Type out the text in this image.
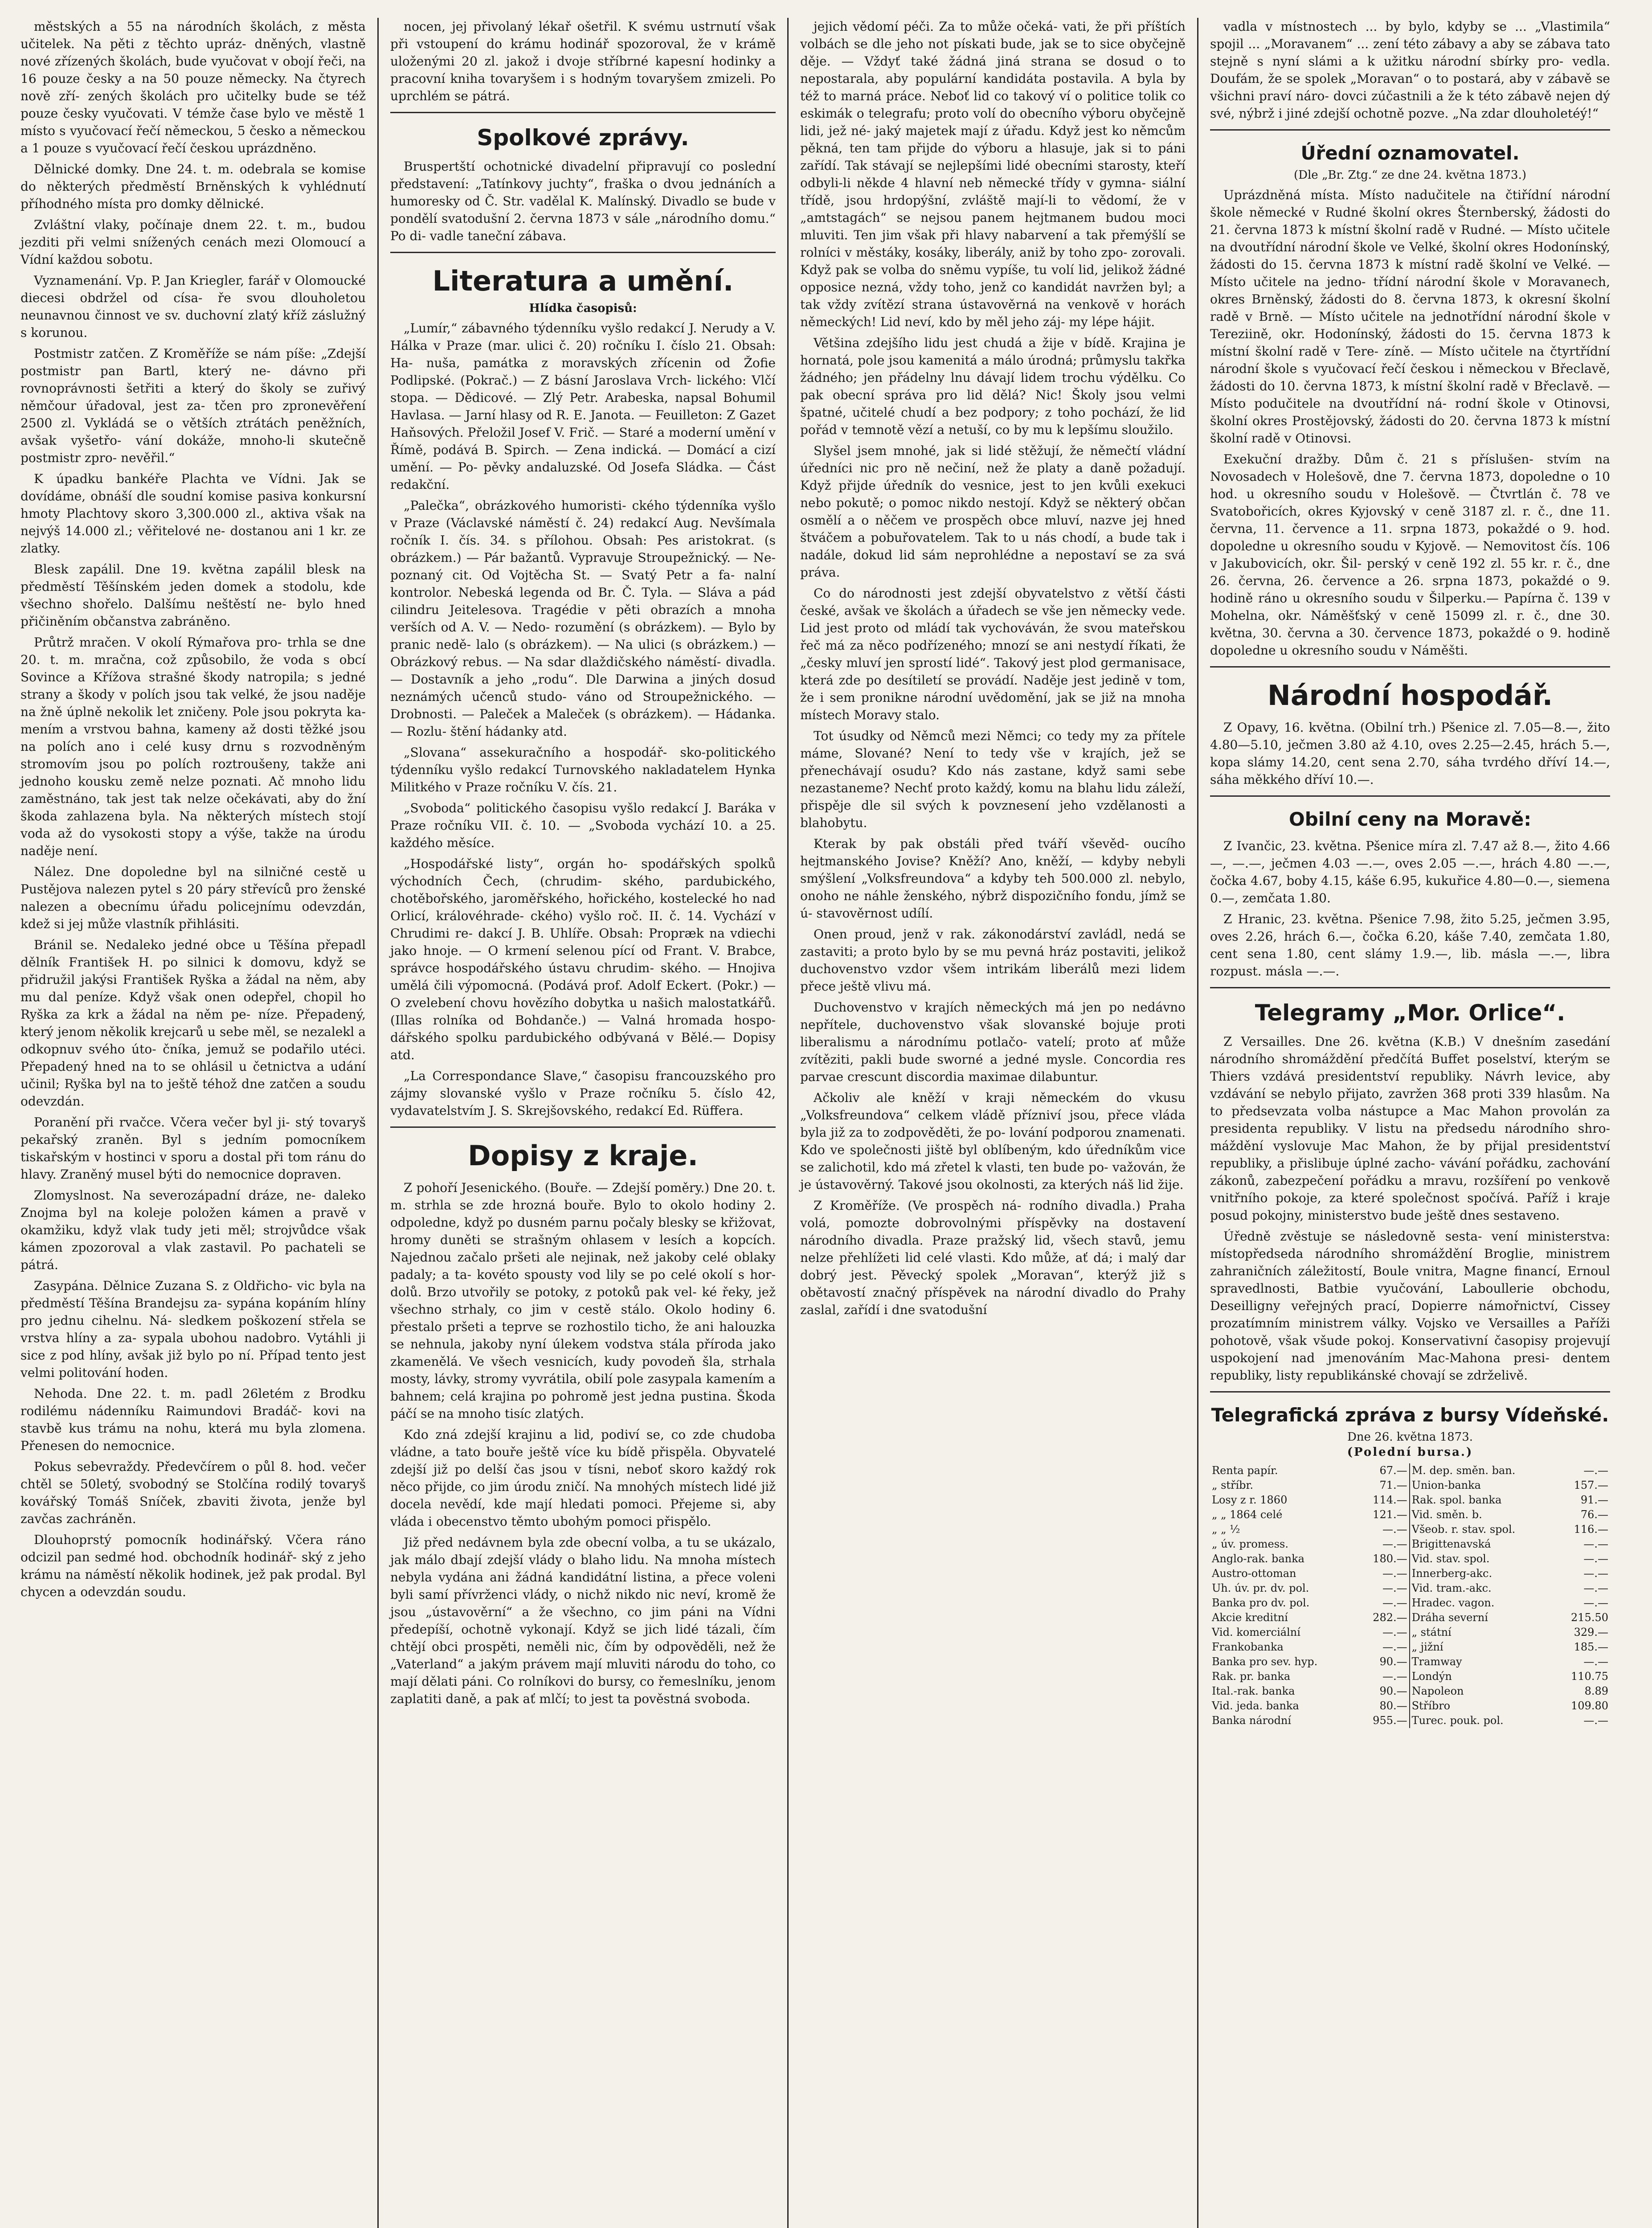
městských a 55 na národních školách, z města učitelek. Na pěti z těchto upráz- dněných, vlastně nové zřízených školách, bude vyučovat v obojí řeči, na 16 pouze česky a na 50 pouze německy. Na čtyrech nově zří- zených školách pro učitelky bude se též pouze česky vyučovati. V témže čase bylo ve městě 1 místo s vyučovací řečí německou, 5 česko a německou a 1 pouze s vyučovací řečí českou uprázdněno.

Dělnické domky. Dne 24. t. m. odebrala se komise do některých předměstí Brněnských k vyhlédnutí příhodného místa pro domky dělnické.

Zvláštní vlaky, počínaje dnem 22. t. m., budou jezditi při velmi snížených cenách mezi Olomoucí a Vídní každou sobotu.

Vyznamenání. Vp. P. Jan Kriegler, farář v Olomoucké diecesi obdržel od císa- ře svou dlouholetou neunavnou činnost ve sv. duchovní zlatý kříž záslužný s korunou.

Postmistr zatčen. Z Kroměříže se nám píše: „Zdejší postmistr pan Bartl, který ne- dávno při rovnoprávnosti šetřiti a který do školy se zuřivý němčour úřadoval, jest za- tčen pro zpronevěření 2500 zl. Vykládá se o větších ztrátách peněžních, avšak vyšetřo- vání dokáže, mnoho-li skutečně postmistr zpro- nevěřil.“

K úpadku bankéře Plachta ve Vídni. Jak se dovídáme, obnáší dle soudní komise pasiva konkursní hmoty Plachtovy skoro 3,300.000 zl., aktiva však na nejvýš 14.000 zl.; věřitelové ne- dostanou ani 1 kr. ze zlatky.

Blesk zapálil. Dne 19. května zapálil blesk na předměstí Těšínském jeden domek a stodolu, kde všechno shořelo. Dalšímu neštěstí ne- bylo hned přičiněním občanstva zabráněno.

Průtrž mračen. V okolí Rýmařova pro- trhla se dne 20. t. m. mračna, což způsobilo, že voda s obcí Sovince a Křížova strašné škody natropila; s jedné strany a škody v polích jsou tak velké, že jsou naděje na žně úplně nekolik let zničeny. Pole jsou pokryta ka- mením a vrstvou bahna, kameny až dosti těžké jsou na polích ano i celé kusy drnu s rozvodněným stromovím jsou po polích roztroušeny, takže ani jednoho kousku země nelze poznati. Ač mnoho lidu zaměstnáno, tak jest tak nelze očekávati, aby do žní škoda zahlazena byla. Na některých místech stojí voda až do vysokosti stopy a výše, takže na úrodu naděje není.

Nález. Dne dopoledne byl na silničné cestě u Pustějova nalezen pytel s 20 páry střevíců pro ženské nalezen a obecnímu úřadu policejnímu odevzdán, kdež si jej může vlastník přihlásiti.

Bránil se. Nedaleko jedné obce u Těšína přepadl dělník František H. po silnici k domovu, když se přidružil jakýsi František Ryška a žádal na něm, aby mu dal peníze. Když však onen odepřel, chopil ho Ryška za krk a žádal na něm pe- níze. Přepadený, který jenom několik krejcarů u sebe měl, se nezalekl a odkopnuv svého úto- čníka, jemuž se podařilo utéci. Přepadený hned na to se ohlásil u četnictva a udání učinil; Ryška byl na to ještě téhož dne zatčen a soudu odevzdán.

Poranění při rvačce. Včera večer byl ji- stý tovaryš pekařský zraněn. Byl s jedním pomocníkem tiskařským v hostinci v sporu a dostal při tom ránu do hlavy. Zraněný musel býti do nemocnice dopraven.

Zlomyslnost. Na severozápadní dráze, ne- daleko Znojma byl na koleje položen kámen a pravě v okamžiku, když vlak tudy jeti měl; strojvůdce však kámen zpozoroval a vlak zastavil. Po pachateli se pátrá.

Zasypána. Dělnice Zuzana S. z Oldřicho- vic byla na předměstí Těšína Brandejsu za- sypána kopáním hlíny pro jednu cihelnu. Ná- sledkem poškození střela se vrstva hlíny a za- sypala ubohou nadobro. Vytáhli ji sice z pod hlíny, avšak již bylo po ní. Případ tento jest velmi politování hoden.

Nehoda. Dne 22. t. m. padl 26letém z Brodku rodilému nádenníku Raimundovi Bradáč- kovi na stavbě kus trámu na nohu, která mu byla zlomena. Přenesen do nemocnice.

Pokus sebevraždy. Předevčírem o půl 8. hod. večer chtěl se 50letý, svobodný se Stolčína rodilý tovaryš kovářský Tomáš Sníček, zbaviti života, jenže byl zavčas zachráněn.

Dlouhoprstý pomocník hodinářský. Včera ráno odcizil pan sedmé hod. obchodník hodinář- ský z jeho krámu na náměstí několik hodinek, jež pak prodal. Byl chycen a odevzdán soudu.

nocen, jej přivolaný lékař ošetřil. K svému ustrnutí však při vstoupení do krámu hodinář spozoroval, že v krámě uloženými 20 zl. jakož i dvoje stříbrné kapesní hodinky a pracovní kniha tovaryšem i s hodným tovaryšem zmizeli. Po uprchlém se pátrá.

Spolkové zprávy.

Bruspertští ochotnické divadelní připravují co poslední představení: „Tatínkovy juchty“, fraška o dvou jednáních a humoresky od Č. Str. vadělal K. Malínský. Divadlo se bude v pondělí svatodušní 2. června 1873 v sále „národního domu.“ Po di- vadle taneční zábava.

Literatura a umění.
Hlídka časopisů:

„Lumír,“ zábavného týdenníku vyšlo redakcí J. Nerudy a V. Hálka v Praze (mar. ulici č. 20) ročníku I. číslo 21. Obsah: Ha- nuša, památka z moravských zřícenin od Žofie Podlipské. (Pokrač.) — Z básní Jaroslava Vrch- lického: Vlčí stopa. — Dědicové. — Zlý Petr. Arabeska, napsal Bohumil Havlasa. — Jarní hlasy od R. E. Janota. — Feuilleton: Z Gazet Haňsových. Přeložil Josef V. Frič. — Staré a moderní umění v Římě, podává B. Spirch. — Zena indická. — Domácí a cizí umění. — Po- pěvky andaluzské. Od Josefa Sládka. — Část redakční.

„Palečka“, obrázkového humoristi- ckého týdenníka vyšlo v Praze (Václavské náměstí č. 24) redakcí Aug. Nevšímala ročník I. čís. 34. s přílohou. Obsah: Pes aristokrat. (s obrázkem.) — Pár bažantů. Vypravuje Stroupežnický. — Ne- poznaný cit. Od Vojtěcha St. — Svatý Petr a fa- nalní kontrolor. Nebeská legenda od Br. Č. Tyla. — Sláva a pád cilindru Jeitelesova. Tragédie v pěti obrazích a mnoha verších od A. V. — Nedo- rozumění (s obrázkem). — Bylo by pranic nedě- lalo (s obrázkem). — Na ulici (s obrázkem.) — Obrázkový rebus. — Na sdar dlaždičského náměstí- divadla. — Dostavník a jeho „rodu“. Dle Darwina a jiných dosud neznámých učenců studo- váno od Stroupežnického. — Drobnosti. — Paleček a Maleček (s obrázkem). — Hádanka. — Rozlu- štění hádanky atd.

„Slovana“ assekuračního a hospodář- sko-politického týdenníku vyšlo redakcí Turnovského nakladatelem Hynka Militkého v Praze ročníku V. čís. 21.

„Svoboda“ politického časopisu vyšlo redakcí J. Baráka v Praze ročníku VII. č. 10. — „Svoboda vychází 10. a 25. každého měsíce.

„Hospodářské listy“, orgán ho- spodářských spolků východních Čech, (chrudim- ského, pardubického, chotěbořského, jaroměřského, hořického, kostelecké ho nad Orlicí, královéhrade- ckého) vyšlo roč. II. č. 14. Vychází v Chrudimi re- dakcí J. B. Uhlíře. Obsah: Propræk na vdiechi jako hnoje. — O krmení selenou pící od Frant. V. Brabce, správce hospodářského ústavu chrudim- ského. — Hnojiva umělá čili výpomocná. (Podává prof. Adolf Eckert. (Pokr.) — O zvelebení chovu hovězího dobytka u našich malostatkářů. (Illas rolníka od Bohdanče.) — Valná hromada hospo- dářského spolku pardubického odbývaná v Bělé.— Dopisy atd.

„La Correspondance Slave,“ časopisu francouzského pro zájmy slovanské vyšlo v Praze ročníku 5. číslo 42, vydavatelstvím J. S. Skrejšovského, redakcí Ed. Rüffera.

Dopisy z kraje.

Z pohoří Jesenického. (Bouře. — Zdejší poměry.) Dne 20. t. m. strhla se zde hrozná bouře. Bylo to okolo hodiny 2. odpoledne, když po dusném parnu počaly blesky se křižovat, hromy duněti se strašným ohlasem v lesích a kopcích. Najednou začalo pršeti ale nejinak, než jakoby celé oblaky padaly; a ta- kovéto spousty vod lily se po celé okolí s hor- dolů. Brzo utvořily se potoky, z potoků pak vel- ké řeky, jež všechno strhaly, co jim v cestě stálo. Okolo hodiny 6. přestalo pršeti a teprve se rozhostilo ticho, že ani halouzka se nehnula, jakoby nyní úlekem vodstva stála příroda jako zkamenělá. Ve všech vesnicích, kudy povodeň šla, strhala mosty, lávky, stromy vyvrátila, obilí pole zasypala kamením a bahnem; celá krajina po pohromě jest jedna pustina. Škoda páčí se na mnoho tisíc zlatých.

Kdo zná zdejší krajinu a lid, podiví se, co zde chudoba vládne, a tato bouře ještě více ku bídě přispěla. Obyvatelé zdejší již po delší čas jsou v tísni, neboť skoro každý rok něco přijde, co jim úrodu zničí. Na mnohých místech lidé již docela nevědí, kde mají hledati pomoci. Přejeme si, aby vláda i obecenstvo těmto ubohým pomoci přispělo.

Již před nedávnem byla zde obecní volba, a tu se ukázalo, jak málo dbají zdejší vlády o blaho lidu. Na mnoha místech nebyla vydána ani žádná kandidátní listina, a přece voleni byli samí přívrženci vlády, o nichž nikdo nic neví, kromě že jsou „ústavověrní“ a že všechno, co jim páni na Vídni předepíší, ochotně vykonají. Když se jich lidé tázali, čím chtějí obci prospěti, neměli nic, čím by odpověděli, než že „Vaterland“ a jakým právem mají mluviti národu do toho, co mají dělati páni. Co rolníkovi do bursy, co řemeslníku, jenom zaplatiti daně, a pak ať mlčí; to jest ta pověstná svoboda.

jejich vědomí péči. Za to může očeká- vati, že při příštích volbách se dle jeho not pískati bude, jak se to sice obyčejně děje. — Vždyť také žádná jiná strana se dosud o to nepostarala, aby populární kandidáta postavila. A byla by též to marná práce. Neboť lid co takový ví o politice tolik co eskimák o telegrafu; proto volí do obecního výboru obyčejně lidi, jež né- jaký majetek mají z úřadu. Když jest ko němcům pěkná, ten tam přijde do výboru a hlasuje, jak si to páni zařídí. Tak stávají se nejlepšími lidé obecními starosty, kteří odbyli-li někde 4 hlavní neb německé třídy v gymna- siální třídě, jsou hrdopýšní, zvláště mají-li to vědomí, že v „amtstagách“ se nejsou panem hejtmanem budou moci mluviti. Ten jim však při hlavy nabarvení a tak přemýšlí se rolníci v městáky, kosáky, liberály, aniž by toho zpo- zorovali. Když pak se volba do sněmu vypíše, tu volí lid, jelikož žádné opposice nezná, vždy toho, jenž co kandidát navržen byl; a tak vždy zvítězí strana ústavověrná na venkově v horách německých! Lid neví, kdo by měl jeho záj- my lépe hájit.

Většina zdejšího lidu jest chudá a žije v bídě. Krajina je hornatá, pole jsou kamenitá a málo úrodná; průmyslu takřka žádného; jen přádelny lnu dávají lidem trochu výdělku. Co pak obecní správa pro lid dělá? Nic! Školy jsou velmi špatné, učitelé chudí a bez podpory; z toho pochází, že lid pořád v temnotě vězí a netuší, co by mu k lepšímu sloužilo.

Slyšel jsem mnohé, jak si lidé stěžují, že němečtí vládní úředníci nic pro ně nečiní, než že platy a daně požadují. Když přijde úředník do vesnice, jest to jen kvůli exekuci nebo pokutě; o pomoc nikdo nestojí. Když se některý občan osmělí a o něčem ve prospěch obce mluví, nazve jej hned štváčem a pobuřovatelem. Tak to u nás chodí, a bude tak i nadále, dokud lid sám neprohlédne a nepostaví se za svá práva.

Co do národnosti jest zdejší obyvatelstvo z větší části české, avšak ve školách a úřadech se vše jen německy vede. Lid jest proto od mládí tak vychováván, že svou mateřskou řeč má za něco podřízeného; mnozí se ani nestydí říkati, že „česky mluví jen sprostí lidé“. Takový jest plod germanisace, která zde po desítiletí se provádí. Naděje jest jedině v tom, že i sem pronikne národní uvědomění, jak se již na mnoha místech Moravy stalo.

Tot úsudky od Němců mezi Němci; co tedy my za přítele máme, Slované? Není to tedy vše v krajích, jež se přenechávají osudu? Kdo nás zastane, když sami sebe nezastaneme? Nechť proto každý, komu na blahu lidu záleží, přispěje dle sil svých k povznesení jeho vzdělanosti a blahobytu.

Kterak by pak obstáli před tváří vševěd- oucího hejtmanského Jovise? Kněží? Ano, kněží, — kdyby nebyli smýšlení „Volksfreundova“ a kdyby teh 500.000 zl. nebylo, onoho ne náhle ženského, nýbrž dispozičního fondu, jímž se ú- stavověrnost udílí.

Onen proud, jenž v rak. zákonodárství zavládl, nedá se zastaviti; a proto bylo by se mu pevná hráz postaviti, jelikož duchovenstvo vzdor všem intrikám liberálů mezi lidem přece ještě vlivu má.

Duchovenstvo v krajích německých má jen po nedávno nepřítele, duchovenstvo však slovanské bojuje proti liberalismu a národnímu potlačo- vatelí; proto ať může zvítěziti, pakli bude sworné a jedné mysle. Concordia res parvae crescunt discordia maximae dilabuntur.

Ačkoliv ale kněží v kraji německém do vkusu „Volksfreundova“ celkem vládě přízniví jsou, přece vláda byla již za to zodpověděti, že po- lování podporou znamenati. Kdo ve společnosti jiště byl oblíbeným, kdo úředníkům vice se zalichotil, kdo má zřetel k vlasti, ten bude po- važován, že je ústavověrný. Takové jsou okolnosti, za kterých náš lid žije.

Z Kroměříže. (Ve prospěch ná- rodního divadla.) Praha volá, pomozte dobrovolnými příspěvky na dostavení národního divadla. Praze pražský lid, všech stavů, jemu nelze přehlížeti lid celé vlasti. Kdo může, ať dá; i malý dar dobrý jest. Pěvecký spolek „Moravan“, kterýž již s obětavostí značný příspěvek na národní divadlo do Prahy zaslal, zařídí i dne svatodušní

vadla v místnostech ... by bylo, kdyby se ... „Vlastimila“ spojil ... „Moravanem“ ... zení této zábavy a aby se zábava tato stejně s nyní slámi a k užitku národní sbírky pro- vedla. Doufám, že se spolek „Moravan“ o to postará, aby v zábavě se všichni praví náro- dovci zúčastnili a že k této zábavě nejen dý své, nýbrž i jiné zdejší ochotně pozve. „Na zdar dlouholetéý!“

Úřední oznamovatel.
(Dle „Br. Ztg.“ ze dne 24. května 1873.)

Uprázdněná místa. Místo nadučitele na čtiřídní národní škole německé v Rudné školní okres Šternberský, žádosti do 21. června 1873 k místní školní radě v Rudné. — Místo učitele na dvoutřídní národní škole ve Velké, školní okres Hodonínský, žádosti do 15. června 1873 k místní radě školní ve Velké. — Místo učitele na jedno- třídní národní škole v Moravanech, okres Brněnský, žádosti do 8. června 1873, k okresní školní radě v Brně. — Místo učitele na jednotřídní národní škole v Tereziině, okr. Hodonínský, žádosti do 15. června 1873 k místní školní radě v Tere- zíně. — Místo učitele na čtyrtřídní národní škole s vyučovací řečí českou i německou v Břeclavě, žádosti do 10. června 1873, k místní školní radě v Břeclavě. — Místo podučitele na dvoutřídní ná- rodní škole v Otinovsi, školní okres Prostějovský, žádosti do 20. června 1873 k místní školní radě v Otinovsi.

Exekuční dražby. Dům č. 21 s příslušen- stvím na Novosadech v Holešově, dne 7. června 1873, dopoledne o 10 hod. u okresního soudu v Holešově. — Čtvrtlán č. 78 ve Svatobořicích, okres Kyjovský v ceně 3187 zl. r. č., dne 11. června, 11. července a 11. srpna 1873, pokaždé o 9. hod. dopoledne u okresního soudu v Kyjově. — Nemovitost čís. 106 v Jakubovicích, okr. Šil- perský v ceně 192 zl. 55 kr. r. č., dne 26. června, 26. července a 26. srpna 1873, pokaždé o 9. hodině ráno u okresního soudu v Šilperku.— Papírna č. 139 v Mohelna, okr. Náměšťský v ceně 15099 zl. r. č., dne 30. května, 30. června a 30. července 1873, pokaždé o 9. hodině dopoledne u okresního soudu v Náměšti.

Národní hospodář.

Z Opavy, 16. května. (Obilní trh.) Pšenice zl. 7.05—8.—, žito 4.80—5.10, ječmen 3.80 až 4.10, oves 2.25—2.45, hrách 5.—, kopa slámy 14.20, cent sena 2.70, sáha tvrdého dříví 14.—, sáha měkkého dříví 10.—.

Obilní ceny na Moravě:

Z Ivančic, 23. května. Pšenice míra zl. 7.47 až 8.—, žito 4.66—, —.—, ječmen 4.03 —.—, oves 2.05 —.—, hrách 4.80 —.—, čočka 4.67, boby 4.15, káše 6.95, kukuřice 4.80—0.—, siemena 0.—, zemčata 1.80.

Z Hranic, 23. května. Pšenice 7.98, žito 5.25, ječmen 3.95, oves 2.26, hrách 6.—, čočka 6.20, káše 7.40, zemčata 1.80, cent sena 1.80, cent slámy 1.9.—, lib. másla —.—, libra rozpust. másla —.—.

Telegramy „Mor. Orlice“.

Z Versailles. Dne 26. května (K.B.) V dnešním zasedání národního shromáždění předčítá Buffet poselství, kterým se Thiers vzdává presidentství republiky. Návrh levice, aby vzdávání se nebylo přijato, zavržen 368 proti 339 hlasům. Na to předsevzata volba nástupce a Mac Mahon provolán za presidenta republiky. V listu na předsedu národního shro- máždění vyslovuje Mac Mahon, že by přijal presidentství republiky, a přislibuje úplné zacho- vávání pořádku, zachování zákonů, zabezpečení pořádku a mravu, rozšíření po venkově vnitřního pokoje, za které společnost spočívá. Paříž i kraje posud pokojny, ministerstvo bude ještě dnes sestaveno.

Úředně zvěstuje se následovně sesta- vení ministerstva: místopředseda národního shromáždění Broglie, ministrem zahraničních záležitostí, Boule vnitra, Magne financí, Ernoul spravedlnosti, Batbie vyučování, Laboullerie obchodu, Deseilligny veřejných prací, Dopierre námořnictví, Cissey prozatímním ministrem války. Vojsko ve Versailles a Paříži pohotově, však všude pokoj. Konservativní časopisy projevují uspokojení nad jmenováním Mac-Mahona presi- dentem republiky, listy republikánské chovají se zdrželivě.

Telegrafická zpráva z bursy Vídeňské.
Dne 26. května 1873.
(Polední bursa.)
Renta papír.	67.—	M. dep. směn. ban.	—.—
„ stříbr.	71.—	Union-banka	157.—
Losy z r. 1860	114.—	Rak. spol. banka	91.—
„ „ 1864 celé	121.—	Vid. směn. b.	76.—
„ „ ½	—.—	Všeob. r. stav. spol.	116.—
„ úv. promess.	—.—	Brigittenavská	—.—
Anglo-rak. banka	180.—	Vid. stav. spol.	—.—
Austro-ottoman	—.—	Innerberg-akc.	—.—
Uh. úv. pr. dv. pol.	—.—	Vid. tram.-akc.	—.—
Banka pro dv. pol.	—.—	Hradec. vagon.	—.—
Akcie kreditní	282.—	Dráha severní	215.50
Vid. komerciální	—.—	„ státní	329.—
Frankobanka	—.—	„ jižní	185.—
Banka pro sev. hyp.	90.—	Tramway	—.—
Rak. pr. banka	—.—	Londýn	110.75
Ital.-rak. banka	90.—	Napoleon	8.89
Vid. jeda. banka	80.—	Stříbro	109.80
Banka národní	955.—	Turec. pouk. pol.	—.—
